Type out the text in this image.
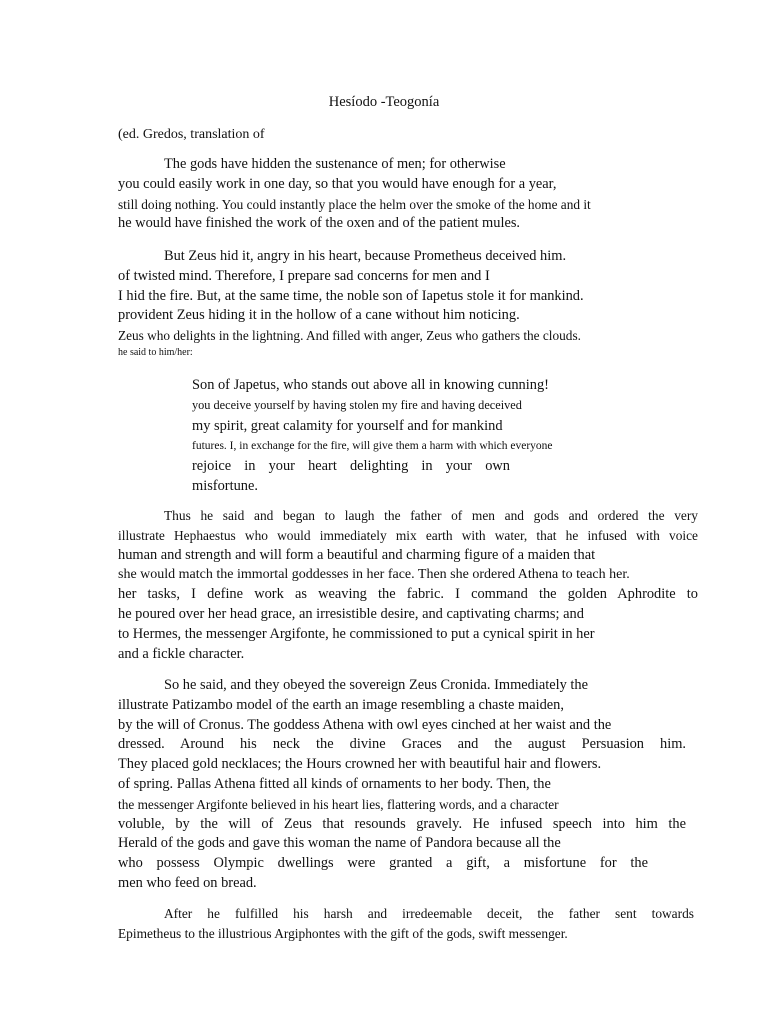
Hesíodo -Teogonía
(ed. Gredos, translation of
The gods have hidden the sustenance of men; for otherwise
you could easily work in one day, so that you would have enough for a year,
still doing nothing. You could instantly place the helm over the smoke of the home and it
he would have finished the work of the oxen and of the patient mules.
But Zeus hid it, angry in his heart, because Prometheus deceived him.
of twisted mind. Therefore, I prepare sad concerns for men and I
I hid the fire. But, at the same time, the noble son of Iapetus stole it for mankind.
provident Zeus hiding it in the hollow of a cane without him noticing.
Zeus who delights in the lightning. And filled with anger, Zeus who gathers the clouds.
he said to him/her:
Son of Japetus, who stands out above all in knowing cunning!
you deceive yourself by having stolen my fire and having deceived
my spirit, great calamity for yourself and for mankind
futures. I, in exchange for the fire, will give them a harm with which everyone
rejoice in your heart delighting in your own
misfortune.
Thus he said and began to laugh the father of men and gods and ordered the very
illustrate Hephaestus who would immediately mix earth with water, that he infused with voice
human and strength and will form a beautiful and charming figure of a maiden that
she would match the immortal goddesses in her face. Then she ordered Athena to teach her.
her tasks, I define work as weaving the fabric. I command the golden Aphrodite to
he poured over her head grace, an irresistible desire, and captivating charms; and
to Hermes, the messenger Argifonte, he commissioned to put a cynical spirit in her
and a fickle character.
So he said, and they obeyed the sovereign Zeus Cronida. Immediately the
illustrate Patizambo model of the earth an image resembling a chaste maiden,
by the will of Cronus. The goddess Athena with owl eyes cinched at her waist and the
dressed. Around his neck the divine Graces and the august Persuasion him.
They placed gold necklaces; the Hours crowned her with beautiful hair and flowers.
of spring. Pallas Athena fitted all kinds of ornaments to her body. Then, the
the messenger Argifonte believed in his heart lies, flattering words, and a character
voluble, by the will of Zeus that resounds gravely. He infused speech into him the
Herald of the gods and gave this woman the name of Pandora because all the
who possess Olympic dwellings were granted a gift, a misfortune for the
men who feed on bread.
After he fulfilled his harsh and irredeemable deceit, the father sent towards
Epimetheus to the illustrious Argiphontes with the gift of the gods, swift messenger.
